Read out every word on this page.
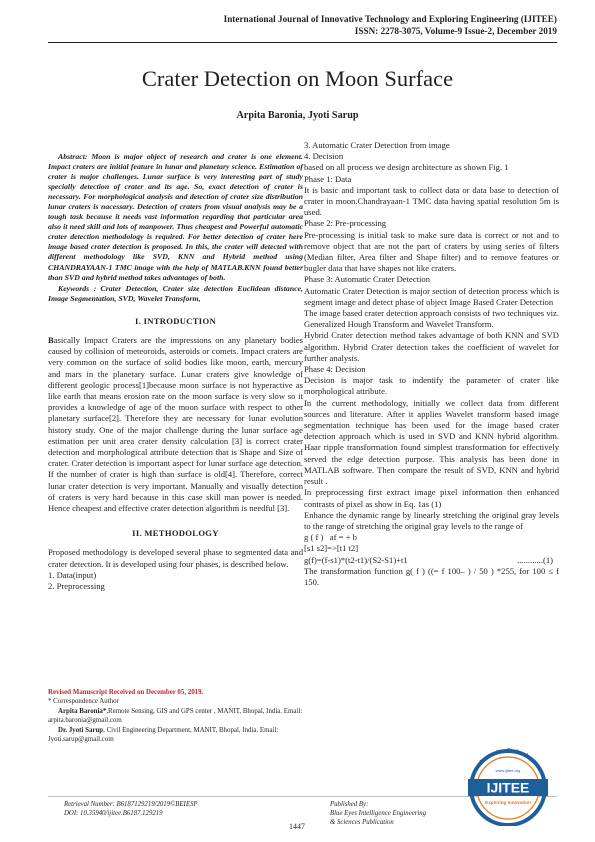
International Journal of Innovative Technology and Exploring Engineering (IJITEE)
ISSN: 2278-3075, Volume-9 Issue-2, December 2019
Crater Detection on Moon Surface
Arpita Baronia, Jyoti Sarup

Abstract: Moon is major object of research and crater is one element. Impact craters are initial feature in lunar and planetary science. Estimation of crater is major challenges. Lunar surface is very interesting part of study specially detection of crater and its age. So, exact detection of crater is necessary. For morphological analysis and detection of crater size distribution lunar craters is nacessary. Detection of craters from visual analysis may be a tough task because it needs vast information regarding that particular area also it need skill and lots of manpower. Thus cheapest and Powerful automatic crater detection methodology is required. For better detection of crater here image based crater detection is proposed. In this, the crater will detected with different methodology like SVD, KNN and Hybrid method using CHANDRAYAAN-1 TMC image with the help of MATLAB.KNN found better than SVD and hybrid method takes advantages of both.

Keywords : Crater Detection, Crater size detection Euclidean distance, Image Segmentation, SVD, Wavelet Transform,

I. INTRODUCTION

Basically Impact Craters are the impressions on any planetary bodies caused by collision of meteoroids, asteroids or comets. Impact craters are very common on the surface of solid bodies like moon, earth, mercury and mars in the planetary surface. Lunar craters give knowledge of different geologic process[1]because moon surface is not hyperactive as like earth that means erosion rate on the moon surface is very slow so it provides a knowledge of age of the moon surface with respect to other planetary surface[2]. Therefore they are necessary for lunar evolution history study. One of the major challenge during the lunar surface age estimation per unit area crater density calculation [3] is correct crater detection and morphological attribute detection that is Shape and Size of crater. Crater detection is important aspect for lunar surface age detection. If the number of crater is high than surface is old[4]. Therefore, correct lunar crater detection is very important. Manually and visually detection of craters is very hard because in this case skill man power is needed. Hence cheapest and effective crater detection algorithm is needful [3].

II. METHODOLOGY

Proposed methodology is developed several phase to segmented data and crater detection. It is developed using four phases, is described below.

1. Data(input)

2. Preprocessing

Revised Manuscript Received on December 05, 2019.

* Correspondence Author

Arpita Baronia*,Remote Sensing, GIS and GPS center , MANIT, Bhopal, India. Email: arpita.baronia@gmail.com

Dr. Jyoti Sarup, Civil Engineering Department, MANIT, Bhopal, India. Email: Jyoti.sarup@gmail.com

3. Automatic Crater Detection from image

4. Decision

based on all process we design architecture as shown Fig. 1

Phase 1: Data

It is basic and important task to collect data or data base to detection of crater in moon.Chandrayaan-1 TMC data having spatial resolution 5m is used.

Phase 2: Pre-processing

Pre-processing is initial task to make sure data is correct or not and to remove object that are not the part of craters by using series of filters (Median filter, Area filter and Shape filter) and to remove features or bugler data that have shapes not like craters.

Phase 3: Automatic Crater Detection

Automatic Crater Detection is major section of detection process which is segment image and detect phase of object Image Based Crater Detection

The image based crater detection approach consists of two techniques viz. Generalized Hough Transform and Wavelet Transform.

Hybrid Crater detection method takes advantage of both KNN and SVD algorithm. Hybrid Crater detection takes the coefficient of wavelet for further analysis.

Phase 4: Decision

Decision is major task to indentify the parameter of crater like morphological attribute.

In the current methodology, initially we collect data from different sources and literature. After it applies Wavelet transform based image segmentation technique has been used for the image based crater detection approach which is used in SVD and KNN hybrid algorithm. Haar ripple transformation found simplest transformation for effectively served the edge detection purpose. This analysis has been done in MATLAB software. Then compare the result of SVD, KNN and hybrid result .

In preprocessing first extract image pixel information then enhanced contrasts of pixel as show in Eq. 1as (1)

Enhance the dynamic range by linearly stretching the original gray levels to the range of stretching the original gray levels to the range of

g ( f )   af = + b

[s1 s2]=>[t1 t2]

g(f)=(f-s1)*(t2-t1)/(S2-S1)+t1	............(1)

The transformation function g( f ) ((= f 100– ) / 50 ) *255, for 100 ≤ f 150.

Retrieval Number: B6187129219/2019©BEIESP
DOI: 10.35940/ijitee.B6187.129219
Published By:
Blue Eyes Intelligence Engineering
& Sciences Publication
1447
Innovative Technology
IJITEE
Exploring Innovation
www.ijitee.org
